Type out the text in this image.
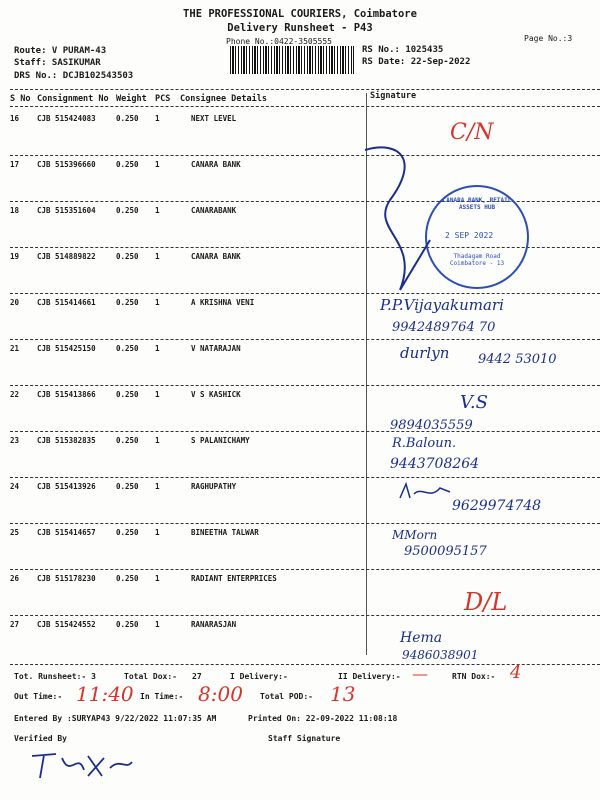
THE PROFESSIONAL COURIERS, Coimbatore
Delivery Runsheet - P43
Phone No.:0422-3505555	Page No.:3
Route: V PURAM-43
Staff: SASIKUMAR
DRS No.: DCJB102543503
RS No.: 1025435
RS Date: 22-Sep-2022
S No Consignment No Weight PCS Consignee Details	Signature
16 CJB 515424083	0.250 1	NEXT LEVEL
17 CJB 515396660	0.250 1	CANARA BANK
18 CJB 515351604	0.250 1	CANARABANK
19 CJB 514889822	0.250 1	CANARA BANK
20 CJB 515414661	0.250 1	A KRISHNA VENI
21 CJB 515425150	0.250 1	V NATARAJAN
22 CJB 515413866	0.250 1	V S KASHICK
23 CJB 515382835	0.250 1	S PALANICHAMY
24 CJB 515413926	0.250 1	RAGHUPATHY
25 CJB 515414657	0.250 1	BINEETHA TALWAR
26 CJB 515178230	0.250 1	RADIANT ENTERPRICES
27 CJB 515424552	0.250 1	RANARASJAN
CANARA BANK, RETAIL ASSETS HUB
2 SEP 2022
Thadagam Road Coimbatore - 13
C/N
P.P.Vijayakumari
9942489764 70
durlyn 9442 53010
V.S
9894035559
R.Baloun.
9443708264
9629974748
MMorn
9500095157
D/L
Hema
9486038901
Tot. Runsheet:- 3	Total Dox:- 27	I Delivery:-	II Delivery:- —	RTN Dox:- 4
Out Time:- 11:40 In Time:- 8:00 Total POD:- 13
Entered By :SURYAP43 9/22/2022 11:07:35 AM	Printed On: 22-09-2022 11:08:18
Verified By	Staff Signature
